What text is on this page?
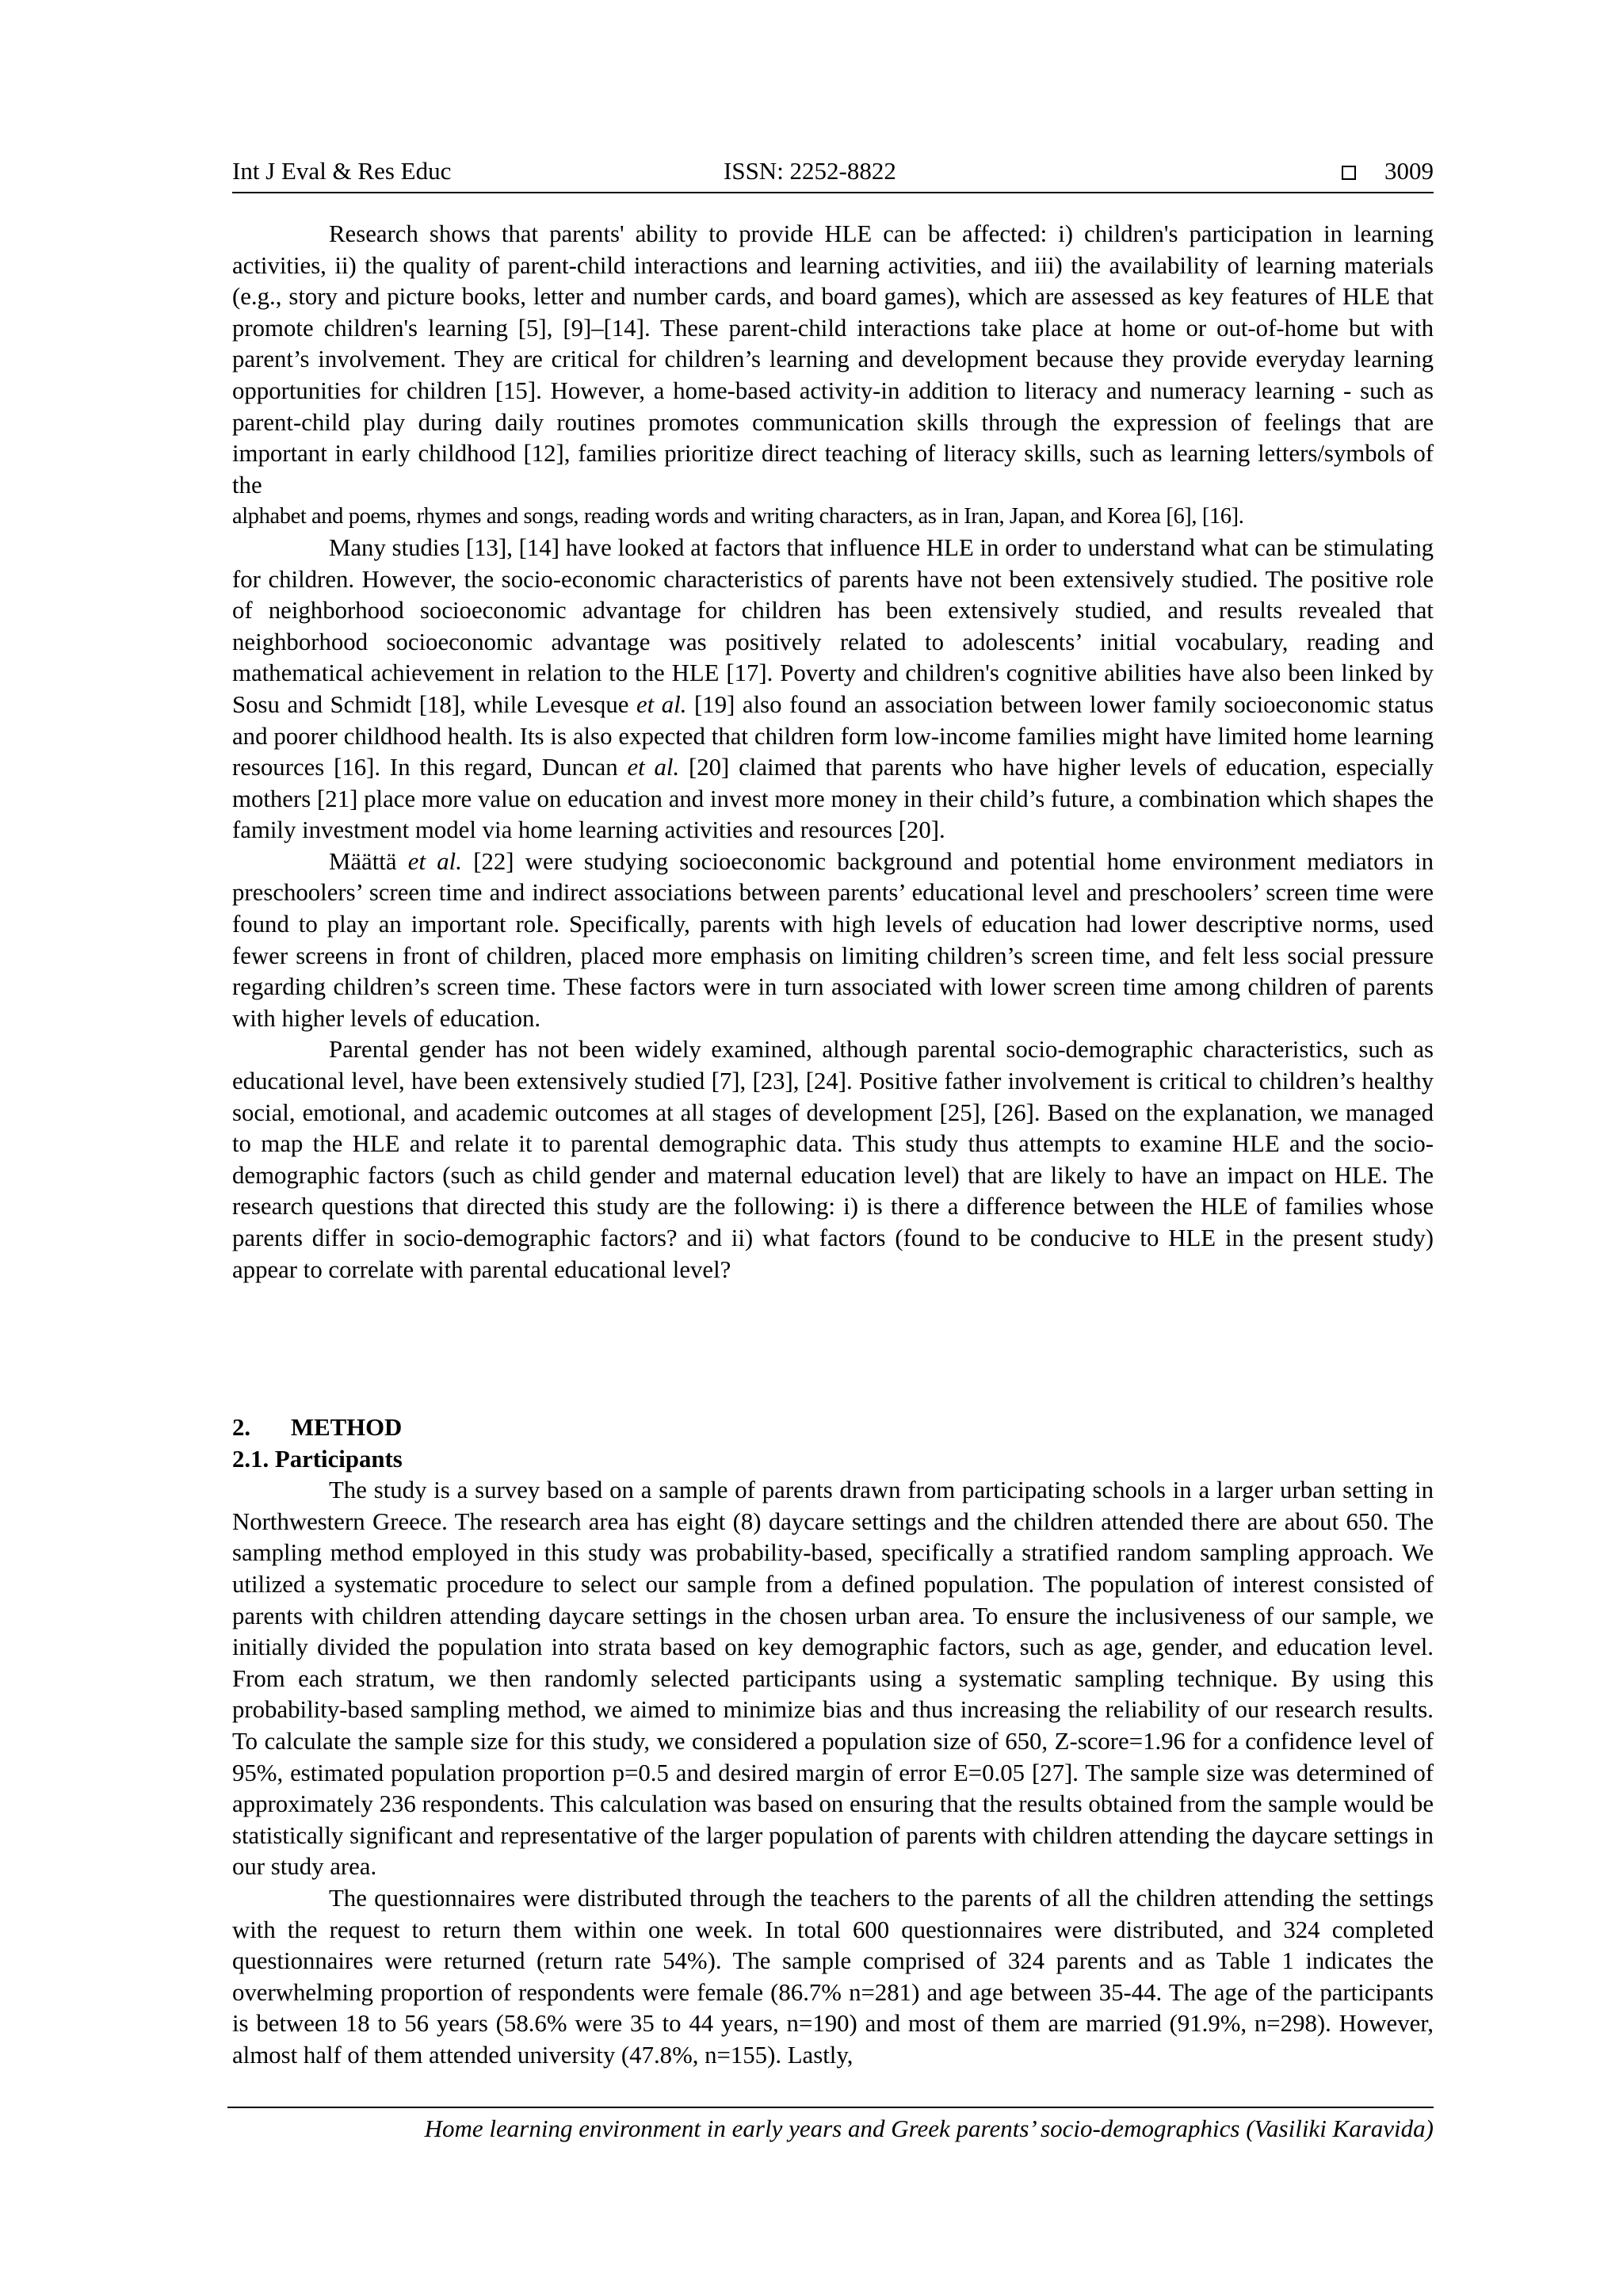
Int J Eval & Res Educ	ISSN: 2252-8822	3009

Research shows that parents' ability to provide HLE can be affected: i) children's participation in learning activities, ii) the quality of parent-child interactions and learning activities, and iii) the availability of learning materials (e.g., story and picture books, letter and number cards, and board games), which are assessed as key features of HLE that promote children's learning [5], [9]–[14]. These parent-child interactions take place at home or out-of-home but with parent’s involvement. They are critical for children’s learning and development because they provide everyday learning opportunities for children [15]. However, a home-based activity-in addition to literacy and numeracy learning - such as parent-child play during daily routines promotes communication skills through the expression of feelings that are important in early childhood [12], families prioritize direct teaching of literacy skills, such as learning letters/symbols of the

alphabet and poems, rhymes and songs, reading words and writing characters, as in Iran, Japan, and Korea [6], [16].

Many studies [13], [14] have looked at factors that influence HLE in order to understand what can be stimulating for children. However, the socio-economic characteristics of parents have not been extensively studied. The positive role of neighborhood socioeconomic advantage for children has been extensively studied, and results revealed that neighborhood socioeconomic advantage was positively related to adolescents’ initial vocabulary, reading and mathematical achievement in relation to the HLE [17]. Poverty and children's cognitive abilities have also been linked by Sosu and Schmidt [18], while Levesque et al. [19] also found an association between lower family socioeconomic status and poorer childhood health. Its is also expected that children form low-income families might have limited home learning resources [16]. In this regard, Duncan et al. [20] claimed that parents who have higher levels of education, especially mothers [21] place more value on education and invest more money in their child’s future, a combination which shapes the family investment model via home learning activities and resources [20].

Määttä et al. [22] were studying socioeconomic background and potential home environment mediators in preschoolers’ screen time and indirect associations between parents’ educational level and preschoolers’ screen time were found to play an important role. Specifically, parents with high levels of education had lower descriptive norms, used fewer screens in front of children, placed more emphasis on limiting children’s screen time, and felt less social pressure regarding children’s screen time. These factors were in turn associated with lower screen time among children of parents with higher levels of education.

Parental gender has not been widely examined, although parental socio-demographic characteristics, such as educational level, have been extensively studied [7], [23], [24]. Positive father involvement is critical to children’s healthy social, emotional, and academic outcomes at all stages of development [25], [26]. Based on the explanation, we managed to map the HLE and relate it to parental demographic data. This study thus attempts to examine HLE and the socio-demographic factors (such as child gender and maternal education level) that are likely to have an impact on HLE. The research questions that directed this study are the following: i) is there a difference between the HLE of families whose parents differ in socio-demographic factors? and ii) what factors (found to be conducive to HLE in the present study) appear to correlate with parental educational level?

2. METHOD
2.1. Participants

The study is a survey based on a sample of parents drawn from participating schools in a larger urban setting in Northwestern Greece. The research area has eight (8) daycare settings and the children attended there are about 650. The sampling method employed in this study was probability-based, specifically a stratified random sampling approach. We utilized a systematic procedure to select our sample from a defined population. The population of interest consisted of parents with children attending daycare settings in the chosen urban area. To ensure the inclusiveness of our sample, we initially divided the population into strata based on key demographic factors, such as age, gender, and education level. From each stratum, we then randomly selected participants using a systematic sampling technique. By using this probability-based sampling method, we aimed to minimize bias and thus increasing the reliability of our research results. To calculate the sample size for this study, we considered a population size of 650, Z-score=1.96 for a confidence level of 95%, estimated population proportion p=0.5 and desired margin of error E=0.05 [27]. The sample size was determined of approximately 236 respondents. This calculation was based on ensuring that the results obtained from the sample would be statistically significant and representative of the larger population of parents with children attending the daycare settings in our study area.

The questionnaires were distributed through the teachers to the parents of all the children attending the settings with the request to return them within one week. In total 600 questionnaires were distributed, and 324 completed questionnaires were returned (return rate 54%). The sample comprised of 324 parents and as Table 1 indicates the overwhelming proportion of respondents were female (86.7% n=281) and age between 35-44. The age of the participants is between 18 to 56 years (58.6% were 35 to 44 years, n=190) and most of them are married (91.9%, n=298). However, almost half of them attended university (47.8%, n=155). Lastly,

Home learning environment in early years and Greek parents’ socio-demographics (Vasiliki Karavida)
